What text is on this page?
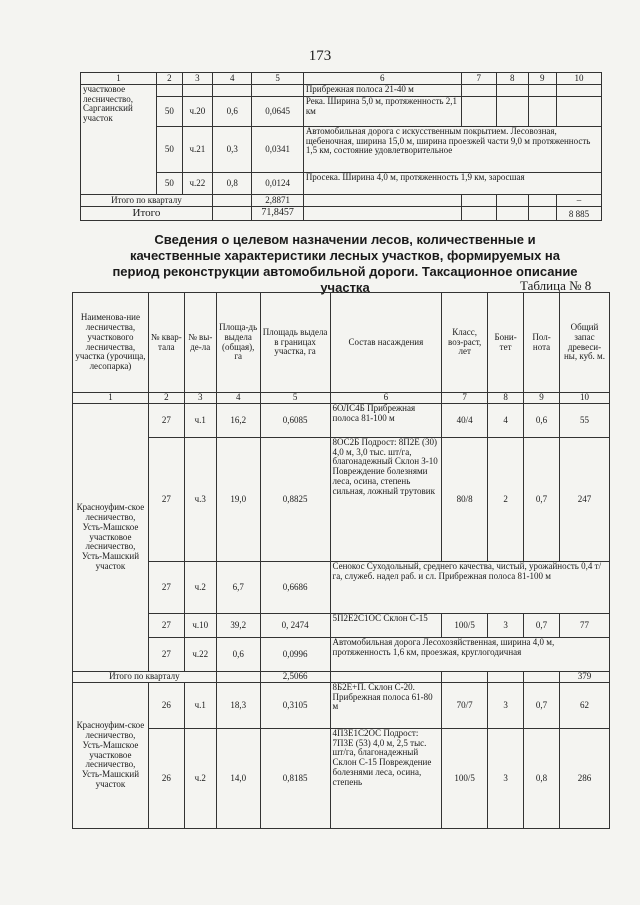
173
1	2	3	4	5	6	7	8	9	10
участковое лесничество, Саргаинский участок					Прибрежная полоса 21-40 м				
	50	ч.20	0,6	0,0645	Река. Ширина 5,0 м, протяженность 2,1 км				
	50	ч.21	0,3	0,0341	Автомобильная дорога с искусственным покрытием. Лесовозная, щебеночная, ширина 15,0 м, ширина проезжей части 9,0 м протяженность 1,5 км, состояние удовлетворительное				
	50	ч.22	0,8	0,0124	Просека. Ширина 4,0 м, протяженность 1,9 км, заросшая				
Итого по кварталу				2,8871					–
Итого				71,8457					8 885
Сведения о целевом назначении лесов, количественные и качественные характеристики лесных участков, формируемых на период реконструкции автомобильной дороги. Таксационное описание участка	Таблица № 8
Наименова-ние лесничества, участкового лесничества, участка (урочища, лесопарка)	№ квар-тала	№ вы-де-ла	Площа-дь выдела (общая), га	Площадь выдела в границах участка, га	Состав насаждения	Класс, воз-раст, лет	Бони-тет	Пол-нота	Общий запас древеси-ны, куб. м.
1	2	3	4	5	6	7	8	9	10
Красноуфим-ское лесничество, Усть-Машское участковое лесничество, Усть-Машский участок	27	ч.1	16,2	0,6085	6ОЛС4Б Прибрежная полоса 81-100 м	40/4	4	0,6	55
	27	ч.3	19,0	0,8825	8ОС2Б Подрост: 8П2Е (30) 4,0 м, 3,0 тыс. шт/га, благонадежный Склон З-10 Повреждение болезнями леса, осина, степень сильная, ложный трутовик	80/8	2	0,7	247
	27	ч.2	6,7	0,6686	Сенокос Суходольный, среднего качества, чистый, урожайность 0,4 т/га, служеб. надел раб. и сл. Прибрежная полоса 81-100 м				
	27	ч.10	39,2	0, 2474	5П2Е2С1ОС Склон С-15	100/5	3	0,7	77
	27	ч.22	0,6	0,0996	Автомобильная дорога Лесохозяйственная, ширина 4,0 м, протяженность 1,6 км, проезжая, круглогодичная				
Итого по кварталу				2,5066					379
Красноуфим-ское лесничество, Усть-Машское участковое лесничество, Усть-Машский участок	26	ч.1	18,3	0,3105	8Б2Е+П. Склон С-20. Прибрежная полоса 61-80 м	70/7	3	0,7	62
	26	ч.2	14,0	0,8185	4П3Е1С2ОС Подрост: 7П3Е (53) 4,0 м, 2,5 тыс. шт/га, благонадежный Склон С-15 Повреждение болезнями леса, осина, степень	100/5	3	0,8	286
